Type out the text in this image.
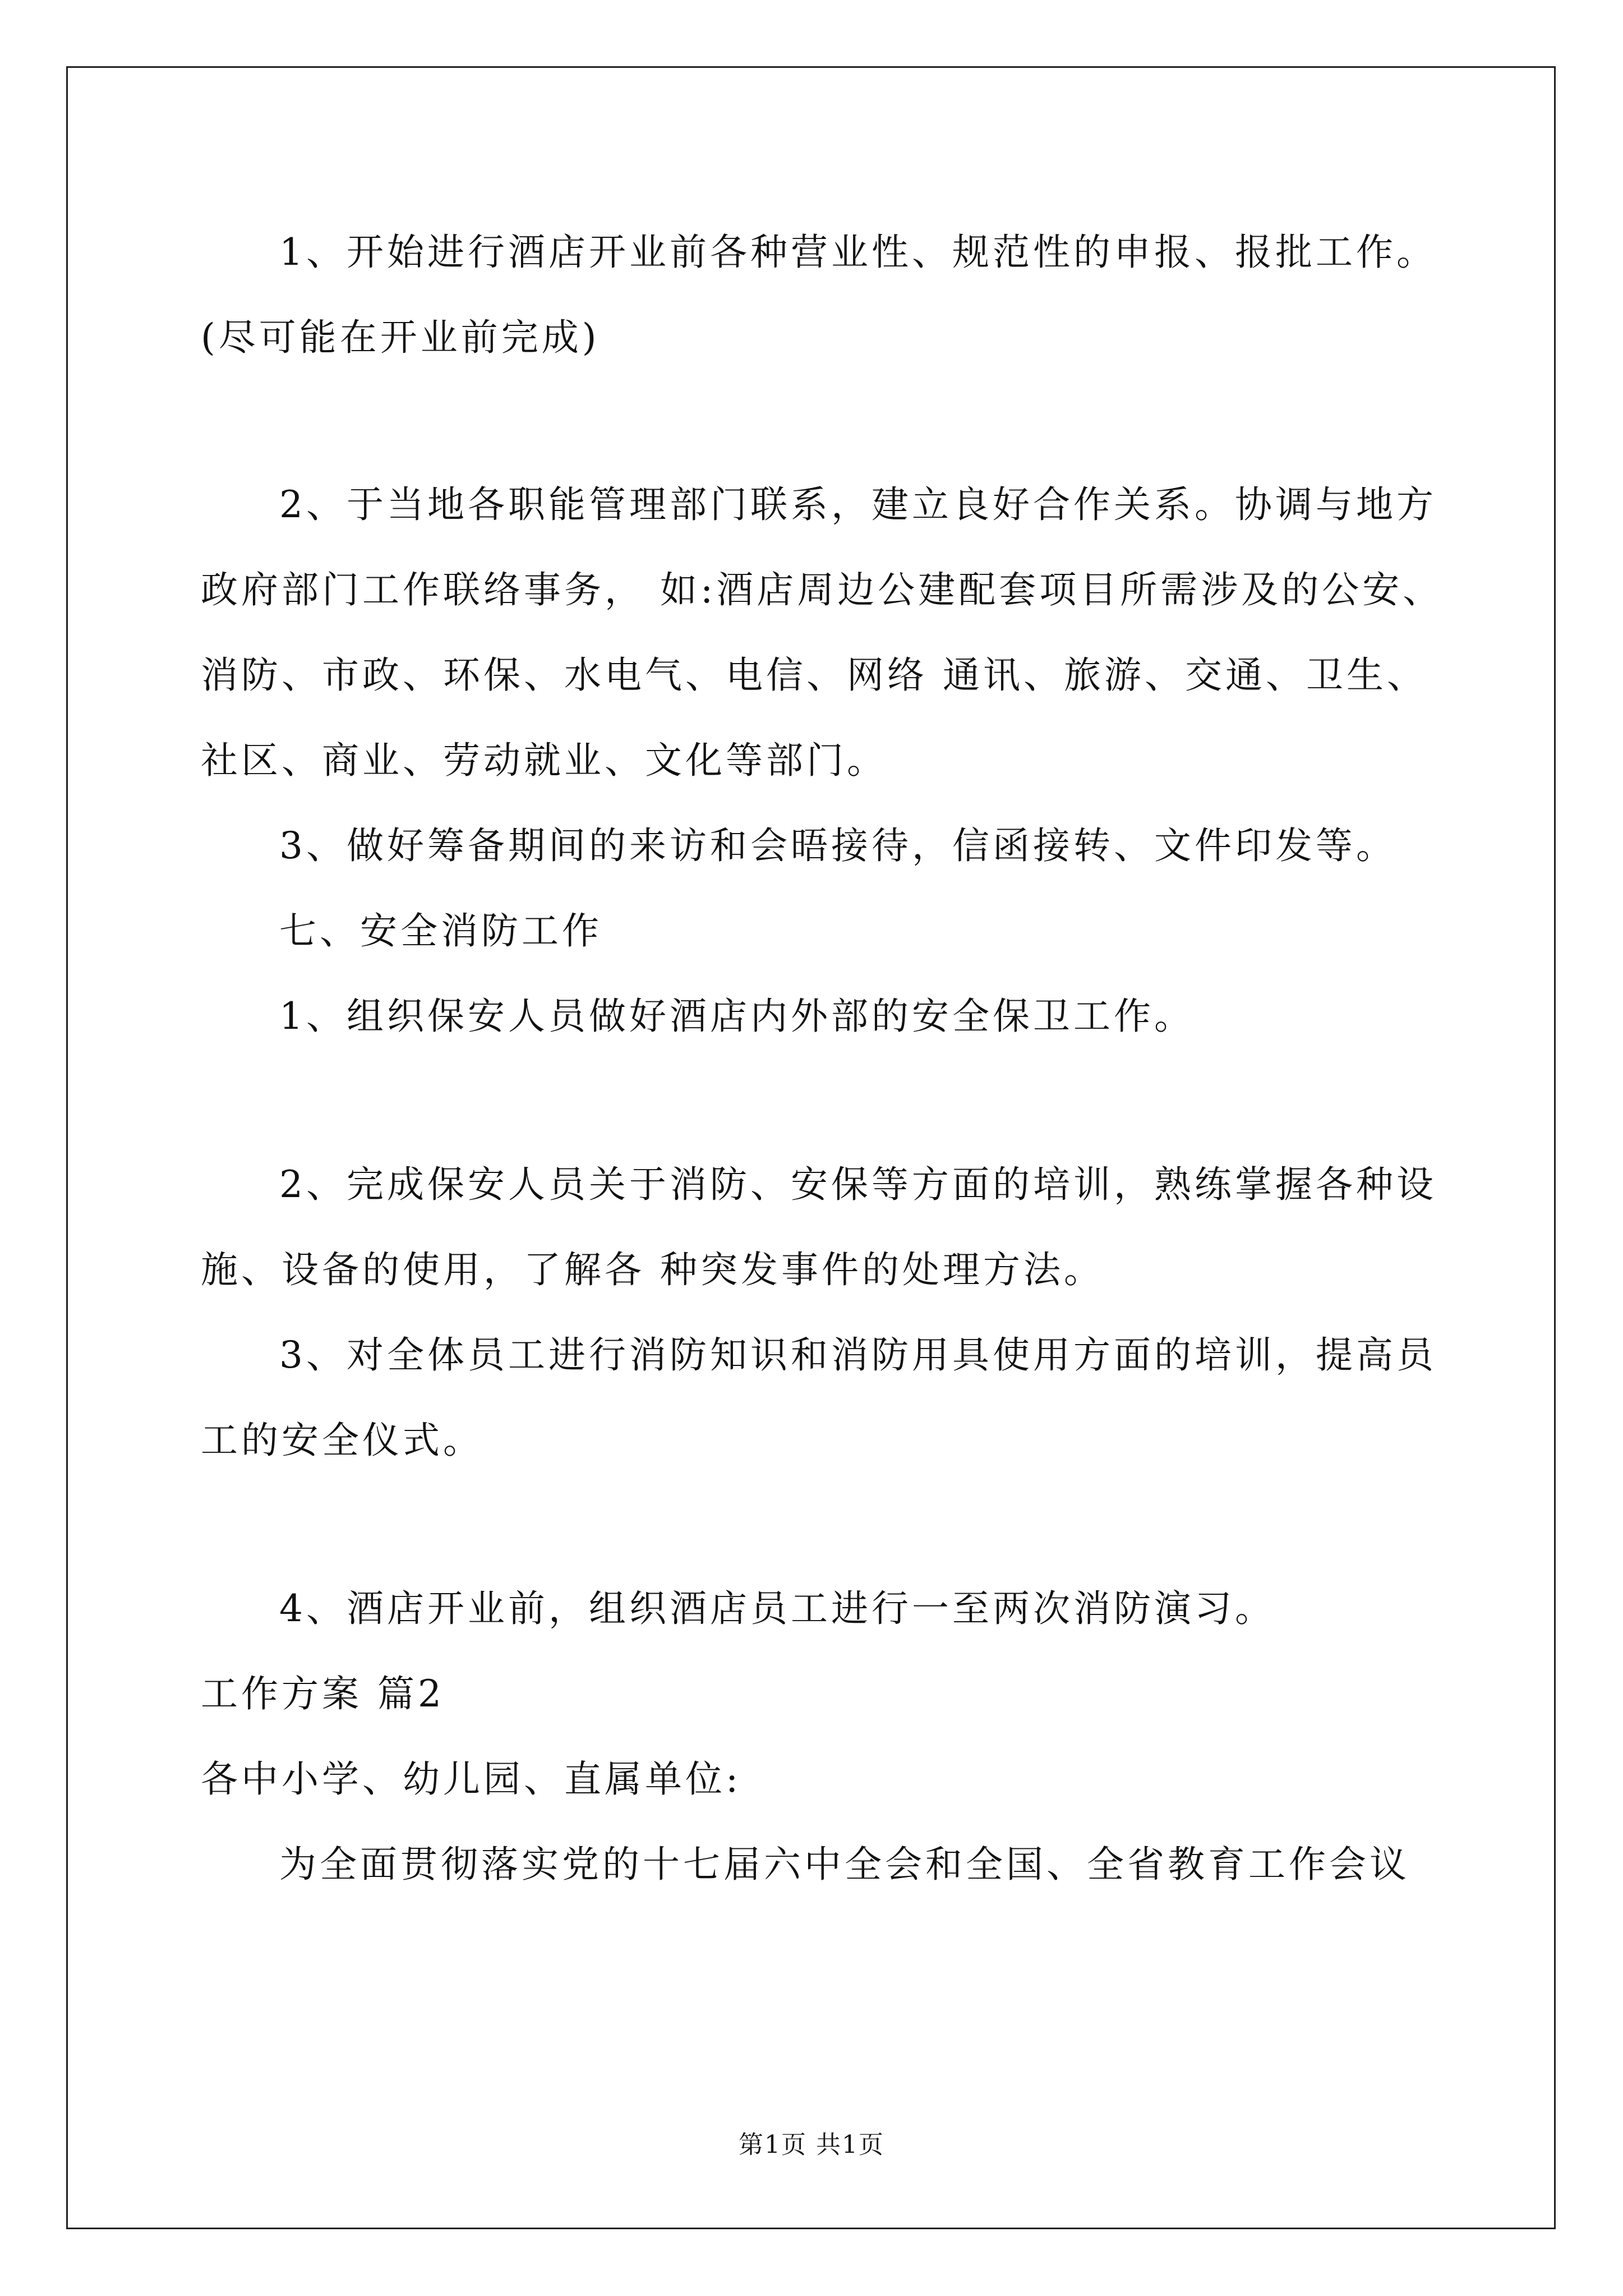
1、开始进行酒店开业前各种营业性、规范性的申报、报批工作。
(尽可能在开业前完成)
2、于当地各职能管理部门联系，建立良好合作关系。协调与地方
政府部门工作联络事务， 如:酒店周边公建配套项目所需涉及的公安、
消防、市政、环保、水电气、电信、网络 通讯、旅游、交通、卫生、
社区、商业、劳动就业、文化等部门。
3、做好筹备期间的来访和会晤接待，信函接转、文件印发等。
七、安全消防工作
1、组织保安人员做好酒店内外部的安全保卫工作。
2、完成保安人员关于消防、安保等方面的培训，熟练掌握各种设
施、设备的使用，了解各 种突发事件的处理方法。
3、对全体员工进行消防知识和消防用具使用方面的培训，提高员
工的安全仪式。
4、酒店开业前，组织酒店员工进行一至两次消防演习。
工作方案 篇2
各中小学、幼儿园、直属单位:
为全面贯彻落实党的十七届六中全会和全国、全省教育工作会议
第1页 共1页
